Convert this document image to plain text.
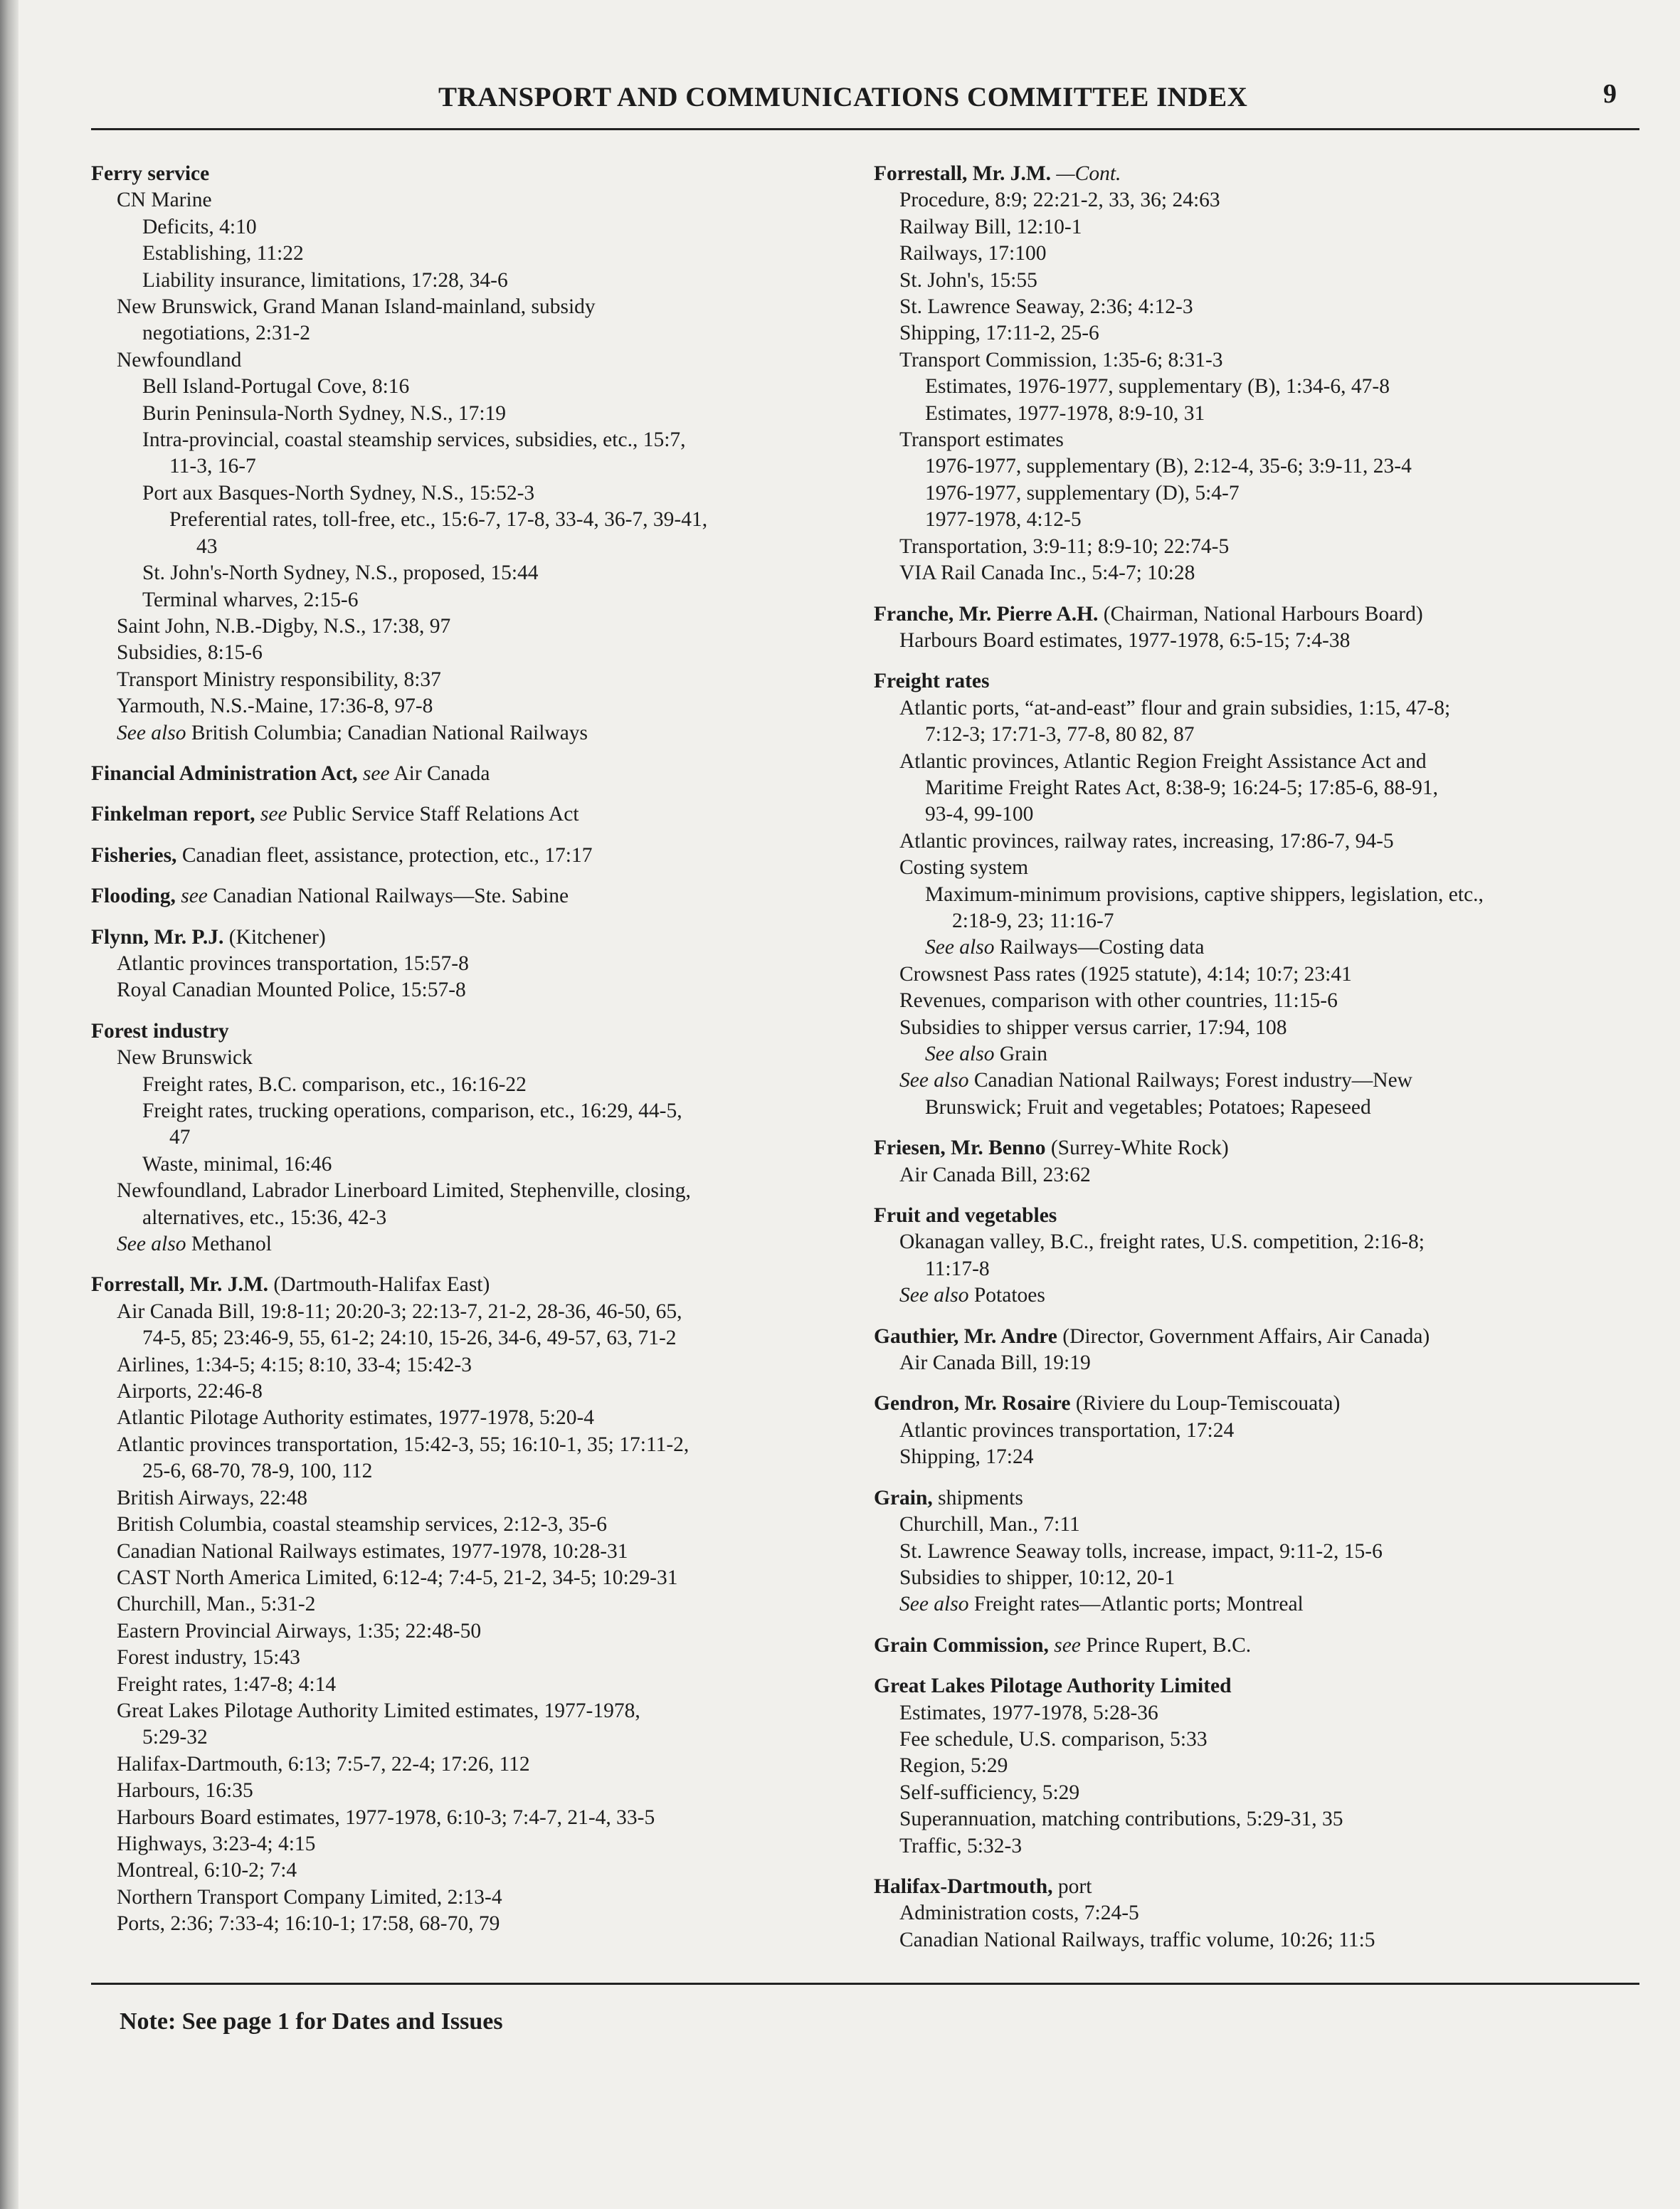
TRANSPORT AND COMMUNICATIONS COMMITTEE INDEX	9
Ferry service
CN Marine
Deficits, 4:10
Establishing, 11:22
Liability insurance, limitations, 17:28, 34-6
New Brunswick, Grand Manan Island-mainland, subsidy
negotiations, 2:31-2
Newfoundland
Bell Island-Portugal Cove, 8:16
Burin Peninsula-North Sydney, N.S., 17:19
Intra-provincial, coastal steamship services, subsidies, etc., 15:7,
11-3, 16-7
Port aux Basques-North Sydney, N.S., 15:52-3
Preferential rates, toll-free, etc., 15:6-7, 17-8, 33-4, 36-7, 39-41,
43
St. John's-North Sydney, N.S., proposed, 15:44
Terminal wharves, 2:15-6
Saint John, N.B.-Digby, N.S., 17:38, 97
Subsidies, 8:15-6
Transport Ministry responsibility, 8:37
Yarmouth, N.S.-Maine, 17:36-8, 97-8
See also British Columbia; Canadian National Railways
Financial Administration Act, see Air Canada
Finkelman report, see Public Service Staff Relations Act
Fisheries, Canadian fleet, assistance, protection, etc., 17:17
Flooding, see Canadian National Railways—Ste. Sabine
Flynn, Mr. P.J. (Kitchener)
Atlantic provinces transportation, 15:57-8
Royal Canadian Mounted Police, 15:57-8
Forest industry
New Brunswick
Freight rates, B.C. comparison, etc., 16:16-22
Freight rates, trucking operations, comparison, etc., 16:29, 44-5,
47
Waste, minimal, 16:46
Newfoundland, Labrador Linerboard Limited, Stephenville, closing,
alternatives, etc., 15:36, 42-3
See also Methanol
Forrestall, Mr. J.M. (Dartmouth-Halifax East)
Air Canada Bill, 19:8-11; 20:20-3; 22:13-7, 21-2, 28-36, 46-50, 65,
74-5, 85; 23:46-9, 55, 61-2; 24:10, 15-26, 34-6, 49-57, 63, 71-2
Airlines, 1:34-5; 4:15; 8:10, 33-4; 15:42-3
Airports, 22:46-8
Atlantic Pilotage Authority estimates, 1977-1978, 5:20-4
Atlantic provinces transportation, 15:42-3, 55; 16:10-1, 35; 17:11-2,
25-6, 68-70, 78-9, 100, 112
British Airways, 22:48
British Columbia, coastal steamship services, 2:12-3, 35-6
Canadian National Railways estimates, 1977-1978, 10:28-31
CAST North America Limited, 6:12-4; 7:4-5, 21-2, 34-5; 10:29-31
Churchill, Man., 5:31-2
Eastern Provincial Airways, 1:35; 22:48-50
Forest industry, 15:43
Freight rates, 1:47-8; 4:14
Great Lakes Pilotage Authority Limited estimates, 1977-1978,
5:29-32
Halifax-Dartmouth, 6:13; 7:5-7, 22-4; 17:26, 112
Harbours, 16:35
Harbours Board estimates, 1977-1978, 6:10-3; 7:4-7, 21-4, 33-5
Highways, 3:23-4; 4:15
Montreal, 6:10-2; 7:4
Northern Transport Company Limited, 2:13-4
Ports, 2:36; 7:33-4; 16:10-1; 17:58, 68-70, 79
Forrestall, Mr. J.M. —Cont.
Procedure, 8:9; 22:21-2, 33, 36; 24:63
Railway Bill, 12:10-1
Railways, 17:100
St. John's, 15:55
St. Lawrence Seaway, 2:36; 4:12-3
Shipping, 17:11-2, 25-6
Transport Commission, 1:35-6; 8:31-3
Estimates, 1976-1977, supplementary (B), 1:34-6, 47-8
Estimates, 1977-1978, 8:9-10, 31
Transport estimates
1976-1977, supplementary (B), 2:12-4, 35-6; 3:9-11, 23-4
1976-1977, supplementary (D), 5:4-7
1977-1978, 4:12-5
Transportation, 3:9-11; 8:9-10; 22:74-5
VIA Rail Canada Inc., 5:4-7; 10:28
Franche, Mr. Pierre A.H. (Chairman, National Harbours Board)
Harbours Board estimates, 1977-1978, 6:5-15; 7:4-38
Freight rates
Atlantic ports, “at-and-east” flour and grain subsidies, 1:15, 47-8;
7:12-3; 17:71-3, 77-8, 80 82, 87
Atlantic provinces, Atlantic Region Freight Assistance Act and
Maritime Freight Rates Act, 8:38-9; 16:24-5; 17:85-6, 88-91,
93-4, 99-100
Atlantic provinces, railway rates, increasing, 17:86-7, 94-5
Costing system
Maximum-minimum provisions, captive shippers, legislation, etc.,
2:18-9, 23; 11:16-7
See also Railways—Costing data
Crowsnest Pass rates (1925 statute), 4:14; 10:7; 23:41
Revenues, comparison with other countries, 11:15-6
Subsidies to shipper versus carrier, 17:94, 108
See also Grain
See also Canadian National Railways; Forest industry—New
Brunswick; Fruit and vegetables; Potatoes; Rapeseed
Friesen, Mr. Benno (Surrey-White Rock)
Air Canada Bill, 23:62
Fruit and vegetables
Okanagan valley, B.C., freight rates, U.S. competition, 2:16-8;
11:17-8
See also Potatoes
Gauthier, Mr. Andre (Director, Government Affairs, Air Canada)
Air Canada Bill, 19:19
Gendron, Mr. Rosaire (Riviere du Loup-Temiscouata)
Atlantic provinces transportation, 17:24
Shipping, 17:24
Grain, shipments
Churchill, Man., 7:11
St. Lawrence Seaway tolls, increase, impact, 9:11-2, 15-6
Subsidies to shipper, 10:12, 20-1
See also Freight rates—Atlantic ports; Montreal
Grain Commission, see Prince Rupert, B.C.
Great Lakes Pilotage Authority Limited
Estimates, 1977-1978, 5:28-36
Fee schedule, U.S. comparison, 5:33
Region, 5:29
Self-sufficiency, 5:29
Superannuation, matching contributions, 5:29-31, 35
Traffic, 5:32-3
Halifax-Dartmouth, port
Administration costs, 7:24-5
Canadian National Railways, traffic volume, 10:26; 11:5
Note: See page 1 for Dates and Issues
